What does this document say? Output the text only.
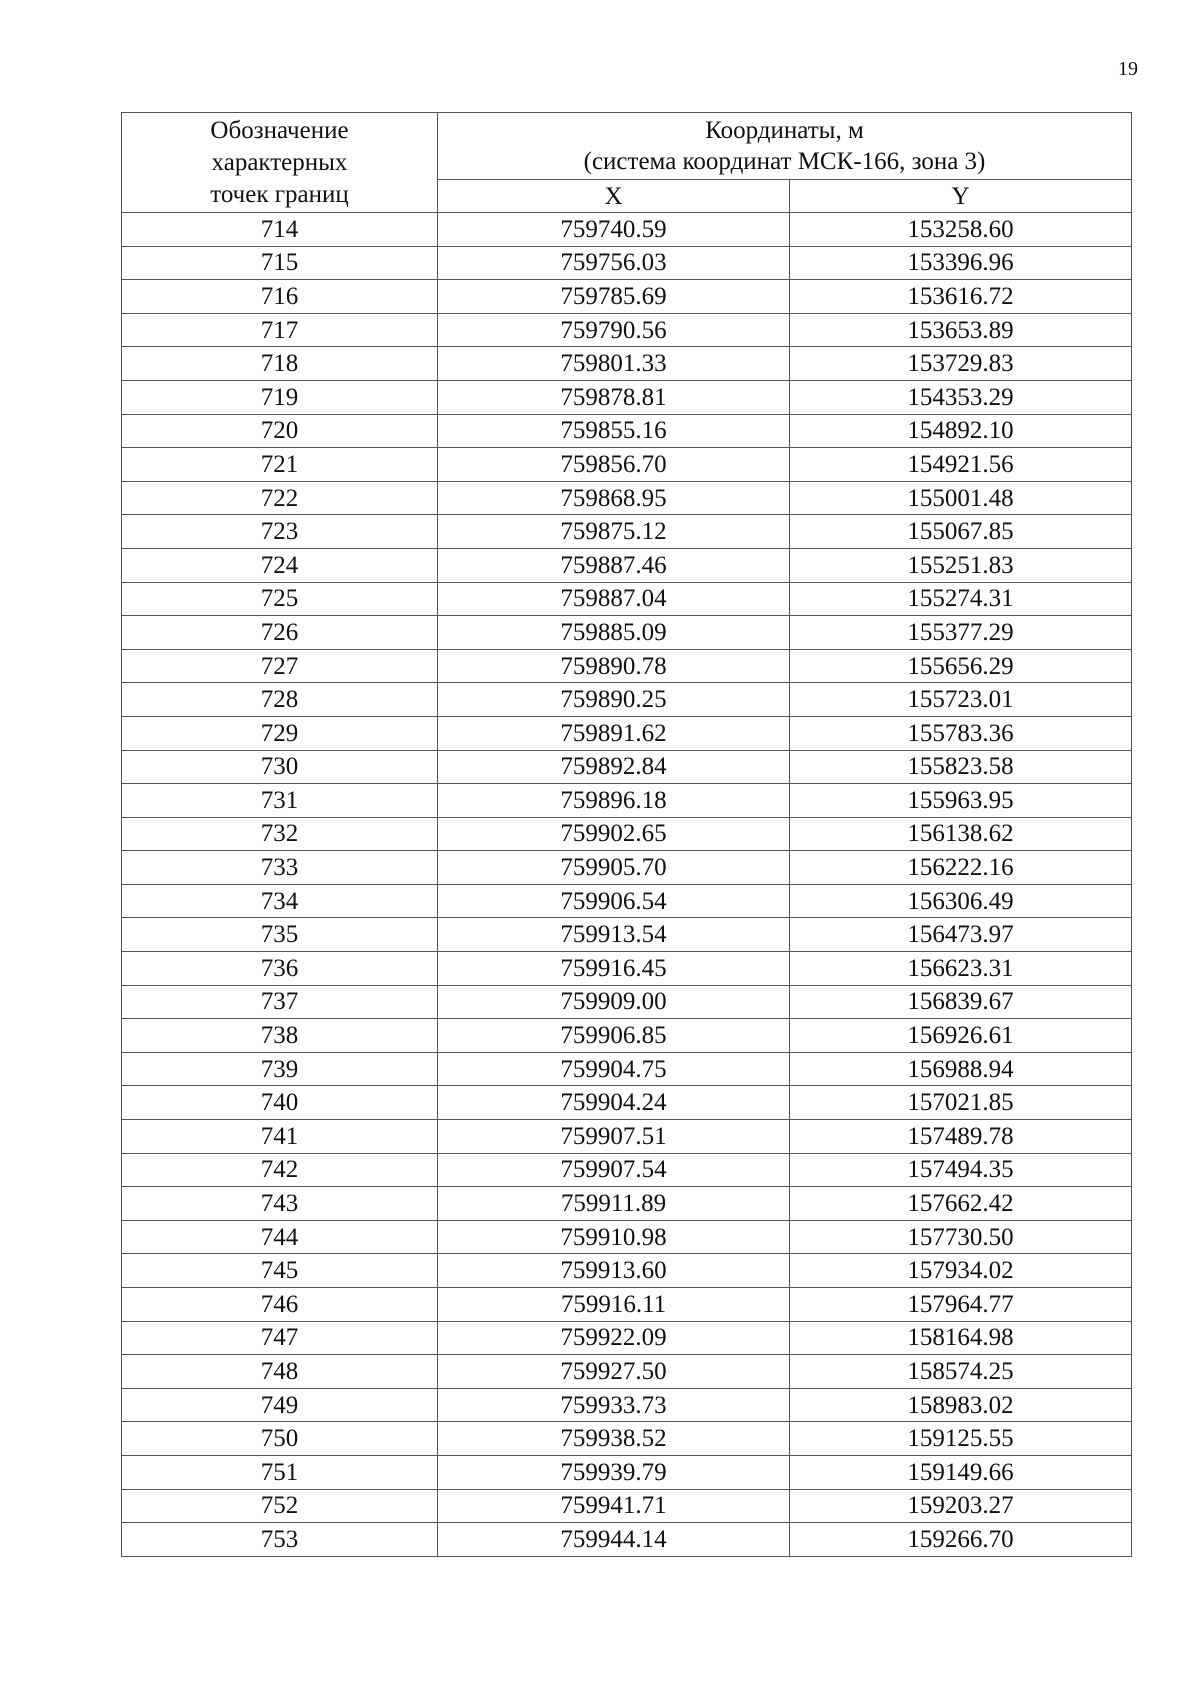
19
Обозначение
характерных
точек границ	Координаты, м
(система координат МСК-166, зона 3)	
	X	Y
714	759740.59	153258.60
715	759756.03	153396.96
716	759785.69	153616.72
717	759790.56	153653.89
718	759801.33	153729.83
719	759878.81	154353.29
720	759855.16	154892.10
721	759856.70	154921.56
722	759868.95	155001.48
723	759875.12	155067.85
724	759887.46	155251.83
725	759887.04	155274.31
726	759885.09	155377.29
727	759890.78	155656.29
728	759890.25	155723.01
729	759891.62	155783.36
730	759892.84	155823.58
731	759896.18	155963.95
732	759902.65	156138.62
733	759905.70	156222.16
734	759906.54	156306.49
735	759913.54	156473.97
736	759916.45	156623.31
737	759909.00	156839.67
738	759906.85	156926.61
739	759904.75	156988.94
740	759904.24	157021.85
741	759907.51	157489.78
742	759907.54	157494.35
743	759911.89	157662.42
744	759910.98	157730.50
745	759913.60	157934.02
746	759916.11	157964.77
747	759922.09	158164.98
748	759927.50	158574.25
749	759933.73	158983.02
750	759938.52	159125.55
751	759939.79	159149.66
752	759941.71	159203.27
753	759944.14	159266.70
